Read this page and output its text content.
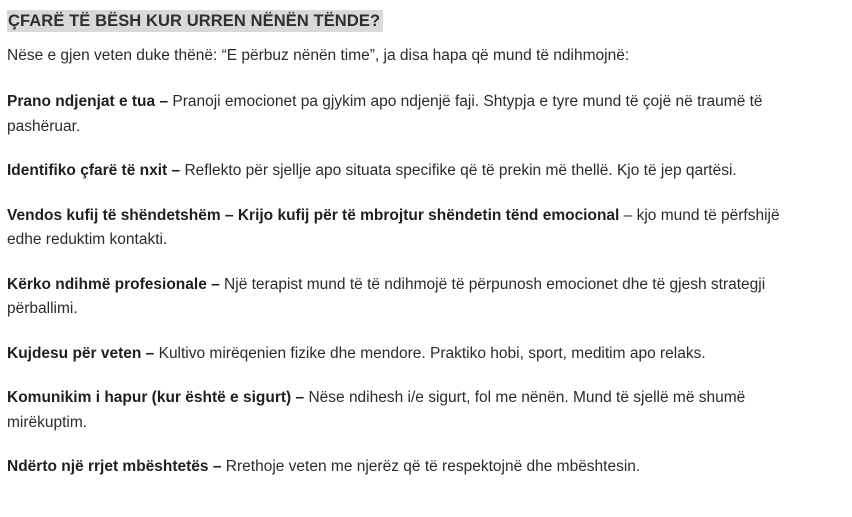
ÇFARË TË BËSH KUR URREN NËNËN TËNDE?

Nëse e gjen veten duke thënë: “E përbuz nënën time”, ja disa hapa që mund të ndihmojnë:

Prano ndjenjat e tua – Pranoji emocionet pa gjykim apo ndjenjë faji. Shtypja e tyre mund të çojë në traumë të pashëruar.

Identifiko çfarë të nxit – Reflekto për sjellje apo situata specifike që të prekin më thellë. Kjo të jep qartësi.

Vendos kufij të shëndetshëm – Krijo kufij për të mbrojtur shëndetin tënd emocional – kjo mund të përfshijë edhe reduktim kontakti.

Kërko ndihmë profesionale – Një terapist mund të të ndihmojë të përpunosh emocionet dhe të gjesh strategji përballimi.

Kujdesu për veten – Kultivo mirëqenien fizike dhe mendore. Praktiko hobi, sport, meditim apo relaks.

Komunikim i hapur (kur është e sigurt) – Nëse ndihesh i/e sigurt, fol me nënën. Mund të sjellë më shumë mirëkuptim.

Ndërto një rrjet mbështetës – Rrethoje veten me njerëz që të respektojnë dhe mbështesin.
